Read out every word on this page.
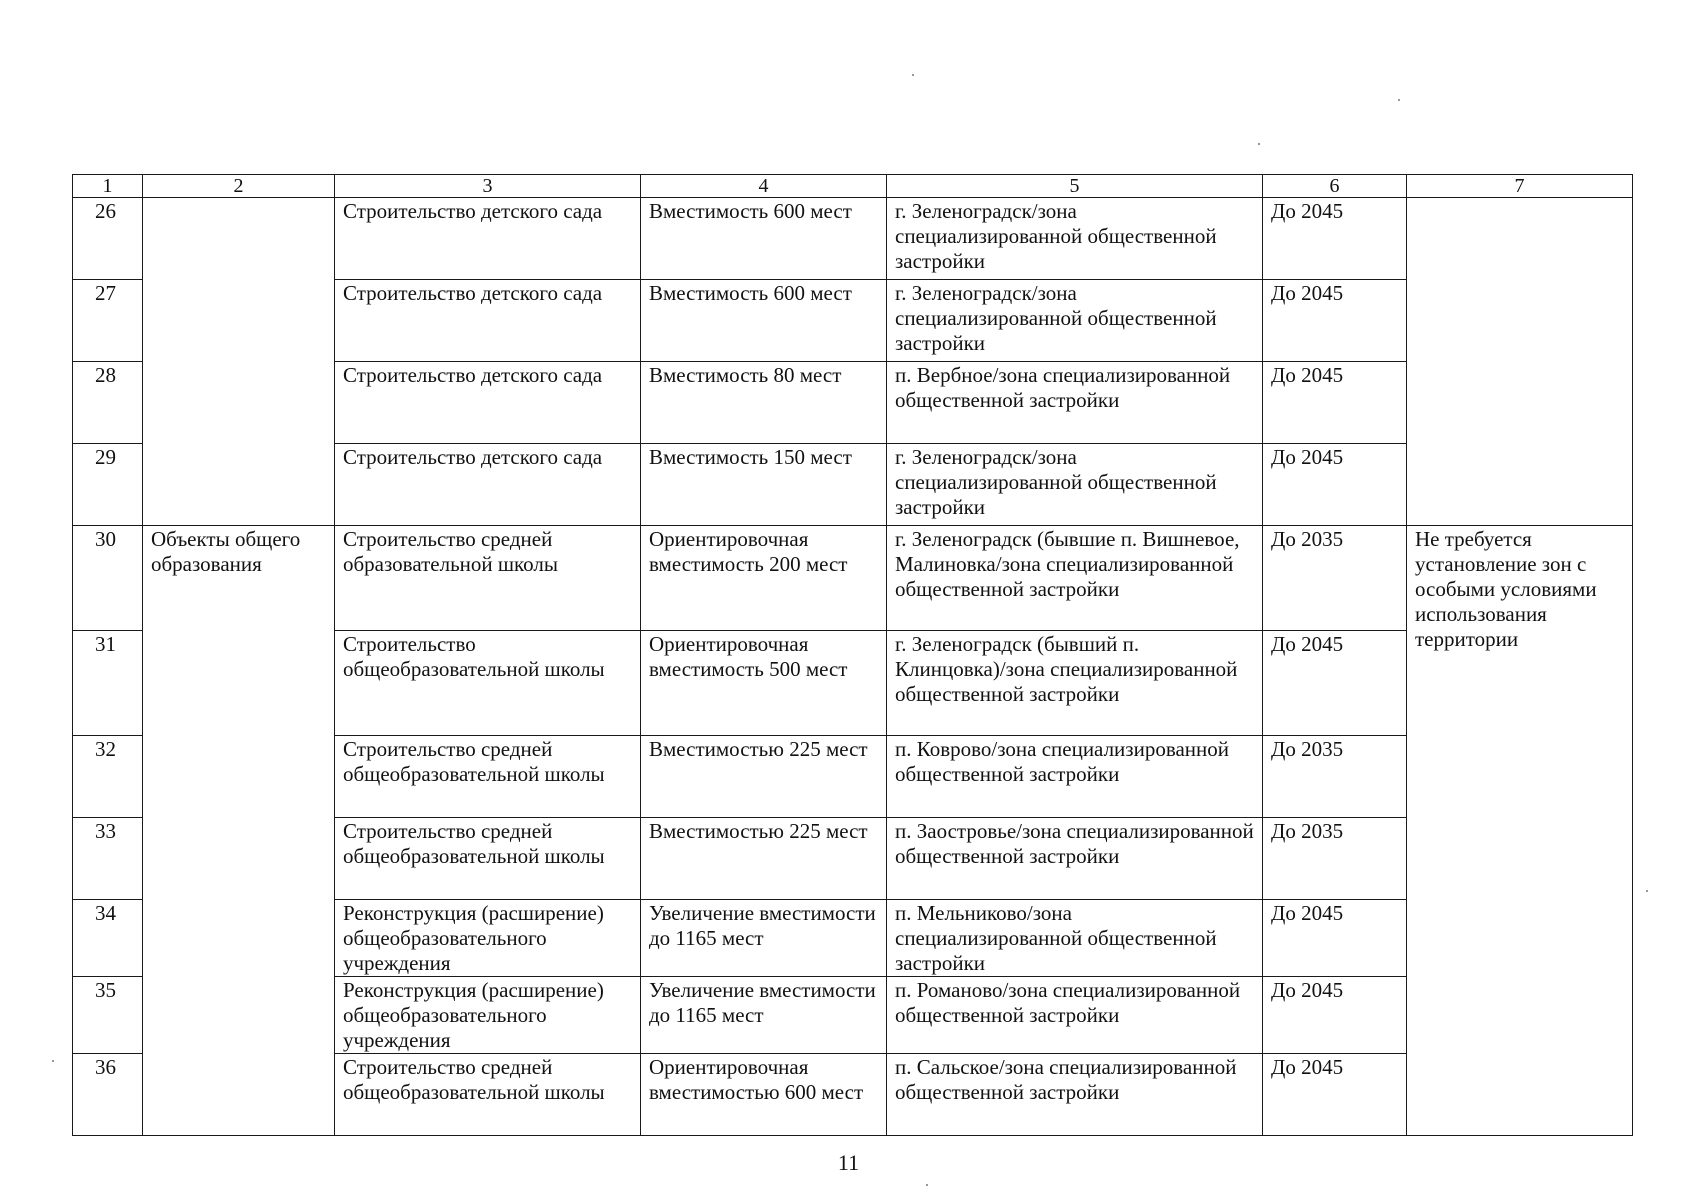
1	2	3	4	5	6	7
26		Строительство детского сада	Вместимость 600 мест	г. Зеленоградск/зона специализированной общественной застройки	До 2045	
27		Строительство детского сада	Вместимость 600 мест	г. Зеленоградск/зона специализированной общественной застройки	До 2045	
28		Строительство детского сада	Вместимость 80 мест	п. Вербное/зона специализированной общественной застройки	До 2045	
29		Строительство детского сада	Вместимость 150 мест	г. Зеленоградск/зона специализированной общественной застройки	До 2045	
30	Объекты общего образования	Строительство средней образовательной школы	Ориентировочная вместимость 200 мест	г. Зеленоградск (бывшие п. Вишневое, Малиновка/зона специализированной общественной застройки	До 2035	Не требуется установление зон с особыми условиями использования территории
31		Строительство общеобразовательной школы	Ориентировочная вместимость 500 мест	г. Зеленоградск (бывший п. Клинцовка)/зона специализированной общественной застройки	До 2045	
32		Строительство средней общеобразовательной школы	Вместимостью 225 мест	п. Коврово/зона специализированной общественной застройки	До 2035	
33		Строительство средней общеобразовательной школы	Вместимостью 225 мест	п. Заостровье/зона специализированной общественной застройки	До 2035	
34		Реконструкция (расширение) общеобразовательного учреждения	Увеличение вместимости до 1165 мест	п. Мельниково/зона специализированной общественной застройки	До 2045	
35		Реконструкция (расширение) общеобразовательного учреждения	Увеличение вместимости до 1165 мест	п. Романово/зона специализированной общественной застройки	До 2045	
36		Строительство средней общеобразовательной школы	Ориентировочная вместимостью 600 мест	п. Сальское/зона специализированной общественной застройки	До 2045	
11
